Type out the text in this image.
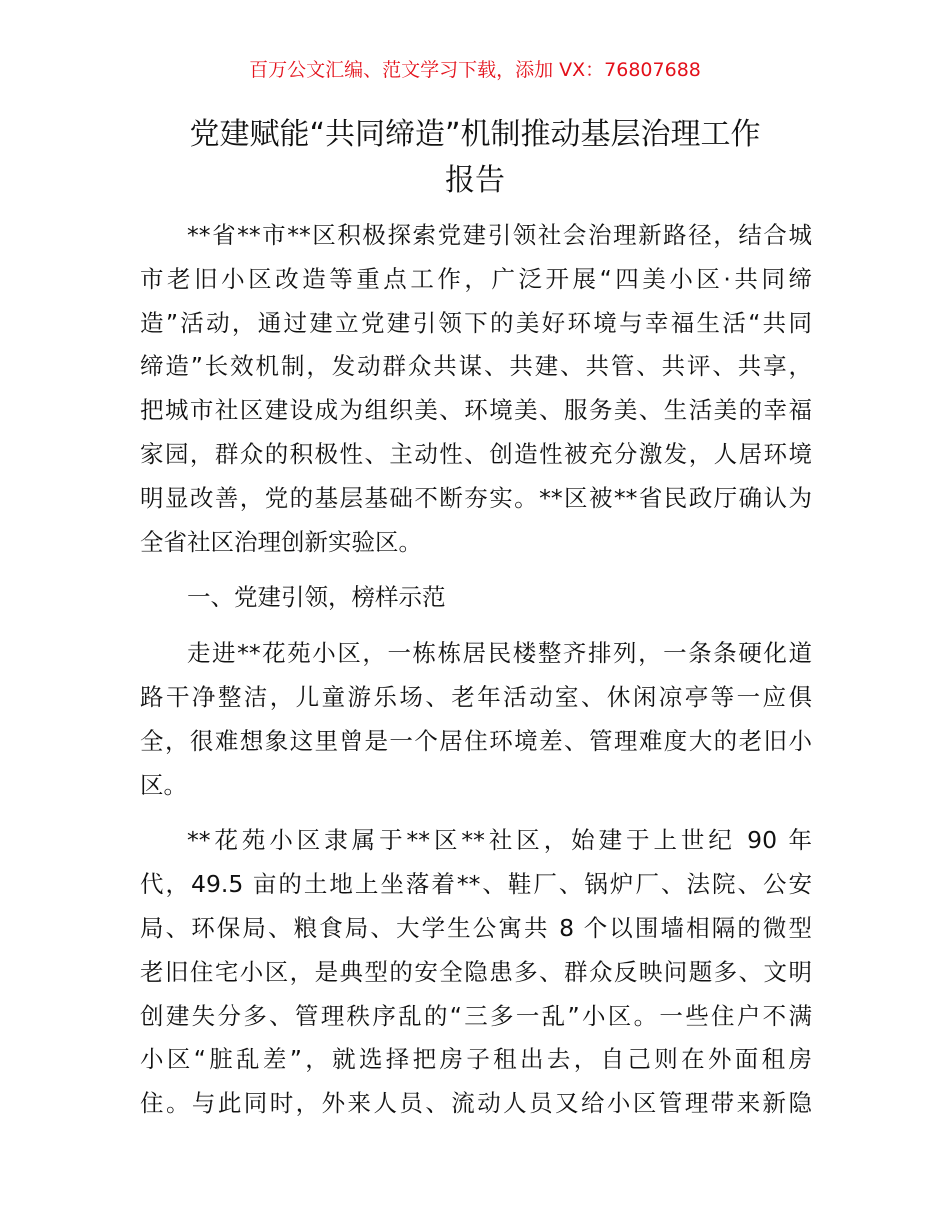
百万公文汇编、范文学习下载，添加 VX：76807688
党建赋能“共同缔造”机制推动基层治理工作
报告
**省**市**区积极探索党建引领社会治理新路径，结合城
市老旧小区改造等重点工作，广泛开展“四美小区·共同缔
造”活动，通过建立党建引领下的美好环境与幸福生活“共同
缔造”长效机制，发动群众共谋、共建、共管、共评、共享，
把城市社区建设成为组织美、环境美、服务美、生活美的幸福
家园，群众的积极性、主动性、创造性被充分激发，人居环境
明显改善，党的基层基础不断夯实。**区被**省民政厅确认为
全省社区治理创新实验区。
一、党建引领，榜样示范
走进**花苑小区，一栋栋居民楼整齐排列，一条条硬化道
路干净整洁，儿童游乐场、老年活动室、休闲凉亭等一应俱
全，很难想象这里曾是一个居住环境差、管理难度大的老旧小
区。
**花苑小区隶属于**区**社区，始建于上世纪 90 年
代，49.5 亩的土地上坐落着**、鞋厂、锅炉厂、法院、公安
局、环保局、粮食局、大学生公寓共 8 个以围墙相隔的微型
老旧住宅小区，是典型的安全隐患多、群众反映问题多、文明
创建失分多、管理秩序乱的“三多一乱”小区。一些住户不满
小区“脏乱差”，就选择把房子租出去，自己则在外面租房
住。与此同时，外来人员、流动人员又给小区管理带来新隐
